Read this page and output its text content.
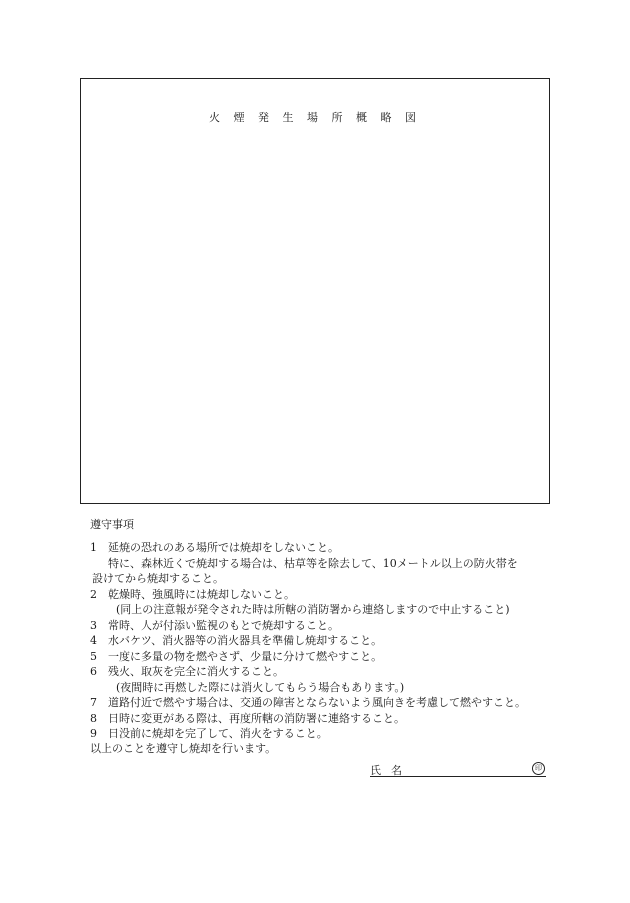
火 煙 発 生 場 所 概 略 図
遵守事項
1	延焼の恐れのある場所では焼却をしないこと。
特に、森林近くで焼却する場合は、枯草等を除去して、10メートル以上の防火帯を
設けてから焼却すること。
2	乾燥時、強風時には焼却しないこと。
(同上の注意報が発令された時は所轄の消防署から連絡しますので中止すること)
3	常時、人が付添い監視のもとで焼却すること。
4	水バケツ、消火器等の消火器具を準備し焼却すること。
5	一度に多量の物を燃やさず、少量に分けて燃やすこと。
6	残火、取灰を完全に消火すること。
(夜間時に再燃した際には消火してもらう場合もあります。)
7	道路付近で燃やす場合は、交通の障害とならないよう風向きを考慮して燃やすこと。
8	日時に変更がある際は、再度所轄の消防署に連絡すること。
9	日没前に焼却を完了して、消火をすること。
以上のことを遵守し焼却を行います。
氏名	印
